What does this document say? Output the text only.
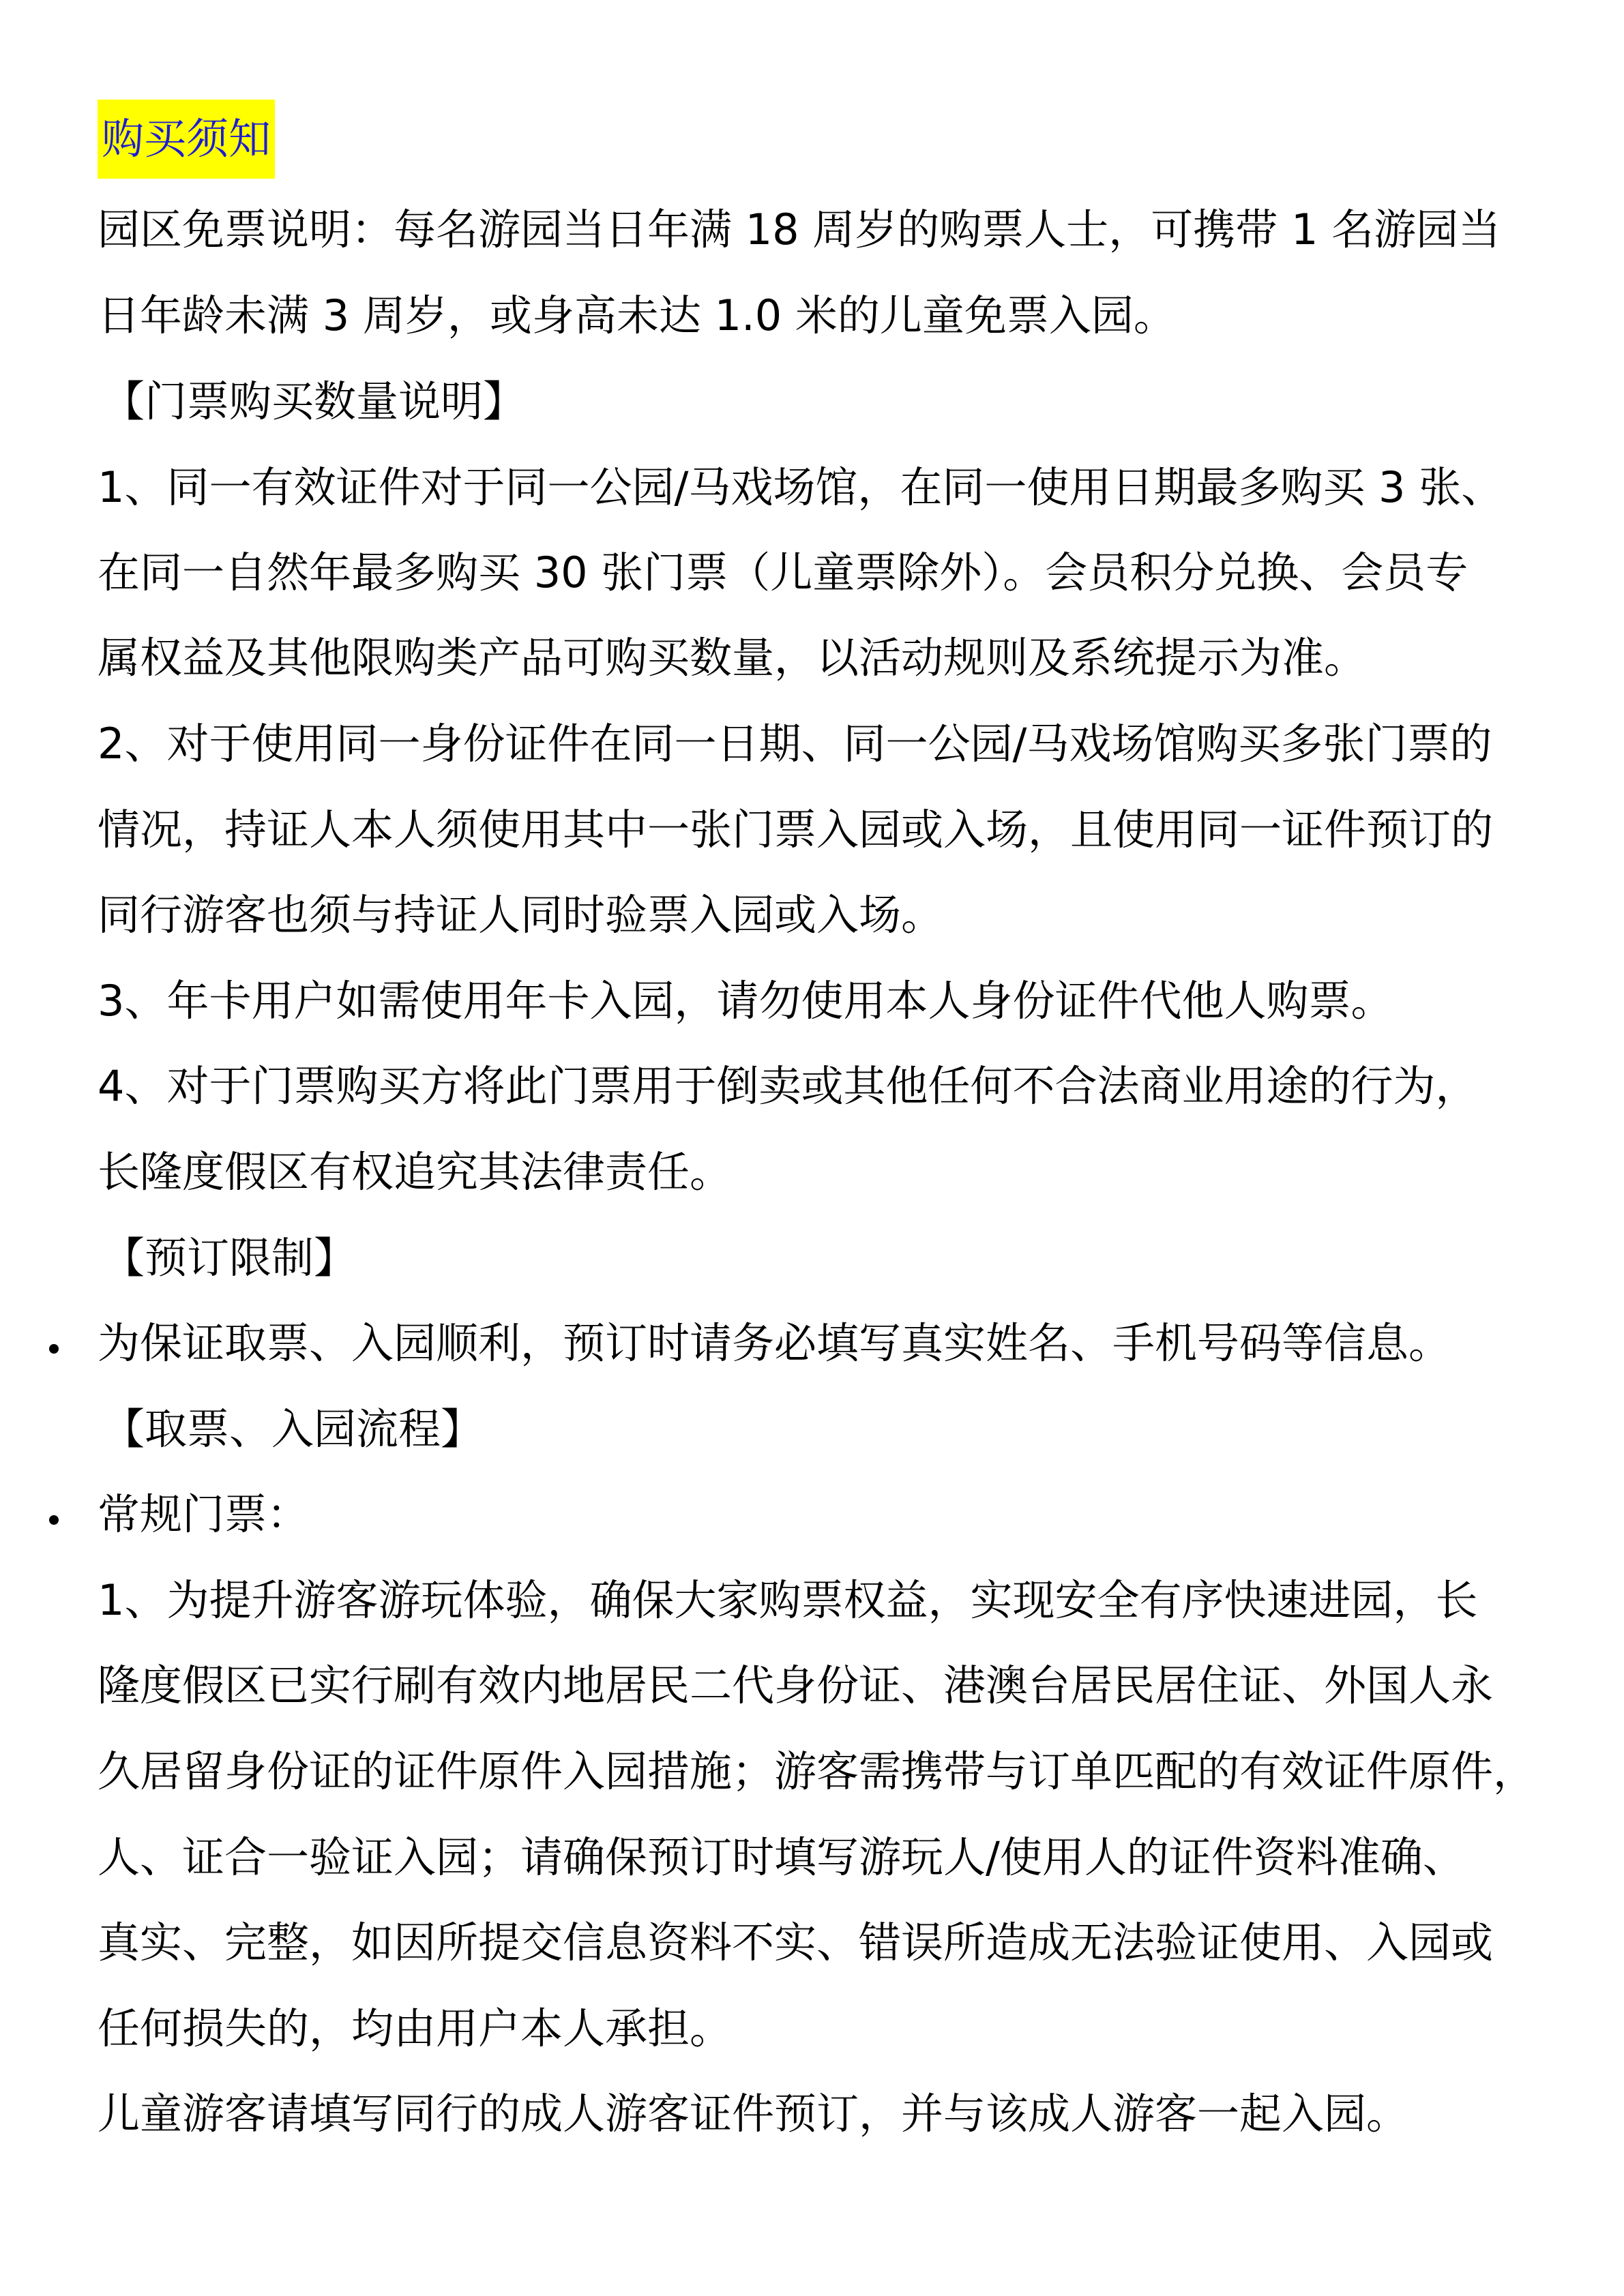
购买须知
园区免票说明：每名游园当日年满 18 周岁的购票人士，可携带 1 名游园当
日年龄未满 3 周岁，或身高未达 1.0 米的儿童免票入园。
【门票购买数量说明】
1、同一有效证件对于同一公园/马戏场馆，在同一使用日期最多购买 3 张、
在同一自然年最多购买 30 张门票（儿童票除外）。会员积分兑换、会员专
属权益及其他限购类产品可购买数量，以活动规则及系统提示为准。
2、对于使用同一身份证件在同一日期、同一公园/马戏场馆购买多张门票的
情况，持证人本人须使用其中一张门票入园或入场，且使用同一证件预订的
同行游客也须与持证人同时验票入园或入场。
3、年卡用户如需使用年卡入园，请勿使用本人身份证件代他人购票。
4、对于门票购买方将此门票用于倒卖或其他任何不合法商业用途的行为，
长隆度假区有权追究其法律责任。
【预订限制】
为保证取票、入园顺利，预订时请务必填写真实姓名、手机号码等信息。
【取票、入园流程】
常规门票：
1、为提升游客游玩体验，确保大家购票权益，实现安全有序快速进园，长
隆度假区已实行刷有效内地居民二代身份证、港澳台居民居住证、外国人永
久居留身份证的证件原件入园措施；游客需携带与订单匹配的有效证件原件，
人、证合一验证入园；请确保预订时填写游玩人/使用人的证件资料准确、
真实、完整，如因所提交信息资料不实、错误所造成无法验证使用、入园或
任何损失的，均由用户本人承担。
儿童游客请填写同行的成人游客证件预订，并与该成人游客一起入园。
